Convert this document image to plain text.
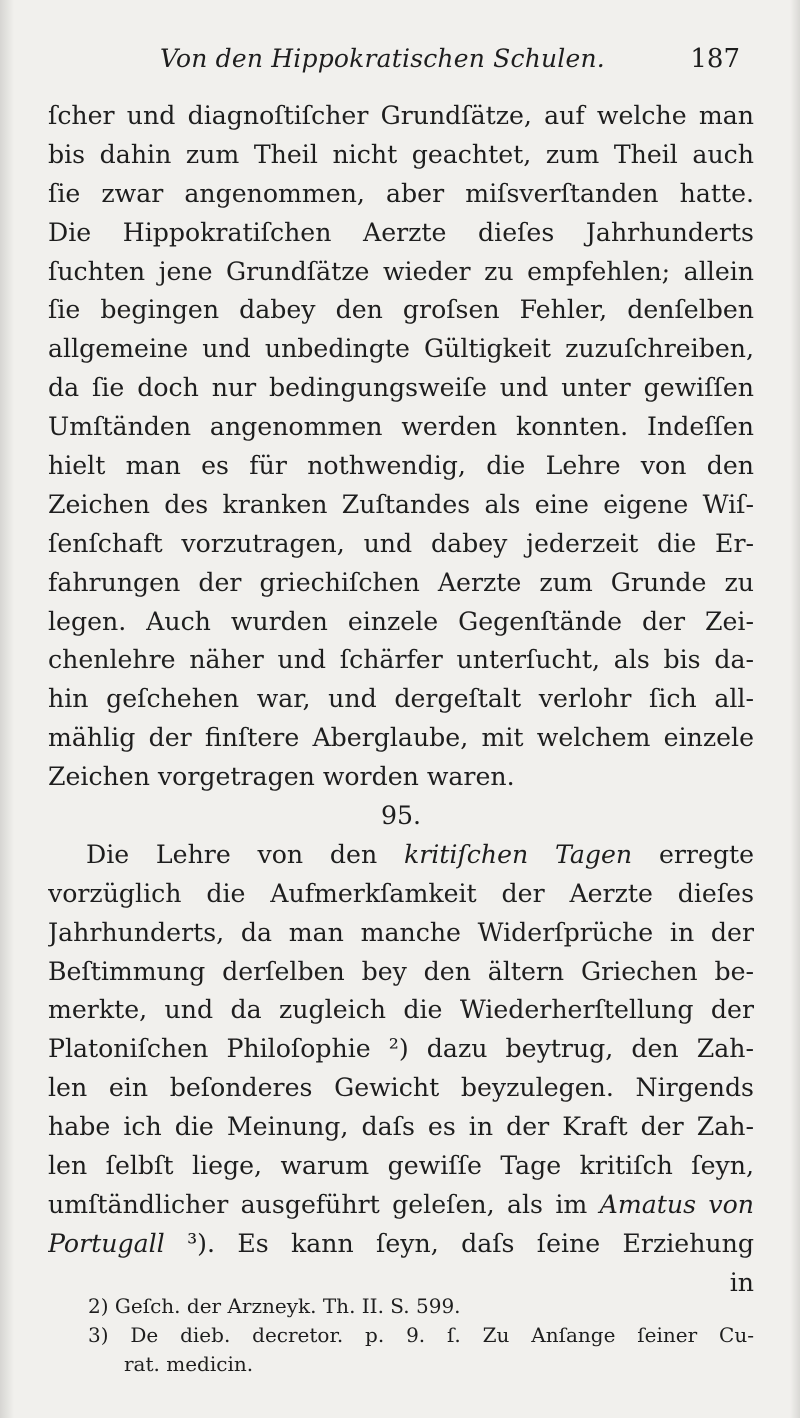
Von den Hippokratischen Schulen.	187
ſcher und diagnoſtiſcher Grundſätze, auf welche man
bis dahin zum Theil nicht geachtet, zum Theil auch
ſie zwar angenommen, aber miſsverſtanden hatte.
Die Hippokratiſchen Aerzte dieſes Jahrhunderts
ſuchten jene Grundſätze wieder zu empfehlen; allein
ſie begingen dabey den groſsen Fehler, denſelben
allgemeine und unbedingte Gültigkeit zuzuſchreiben,
da ſie doch nur bedingungsweiſe und unter gewiſſen
Umſtänden angenommen werden konnten. Indeſſen
hielt man es für nothwendig, die Lehre von den
Zeichen des kranken Zuſtandes als eine eigene Wiſ-
ſenſchaft vorzutragen, und dabey jederzeit die Er-
fahrungen der griechiſchen Aerzte zum Grunde zu
legen. Auch wurden einzele Gegenſtände der Zei-
chenlehre näher und ſchärfer unterſucht, als bis da-
hin geſchehen war, und dergeſtalt verlohr ſich all-
mählig der finſtere Aberglaube, mit welchem einzele
Zeichen vorgetragen worden waren.
95.
Die Lehre von den kritiſchen Tagen erregte
vorzüglich die Aufmerkſamkeit der Aerzte dieſes
Jahrhunderts, da man manche Widerſprüche in der
Beſtimmung derſelben bey den ältern Griechen be-
merkte, und da zugleich die Wiederherſtellung der
Platoniſchen Philoſophie ²) dazu beytrug, den Zah-
len ein beſonderes Gewicht beyzulegen. Nirgends
habe ich die Meinung, daſs es in der Kraft der Zah-
len ſelbſt liege, warum gewiſſe Tage kritiſch ſeyn,
umſtändlicher ausgeführt geleſen, als im Amatus von
Portugall ³). Es kann ſeyn, daſs ſeine Erziehung
in
2) Geſch. der Arzneyk. Th. II. S. 599.
3) De dieb. decretor. p. 9. ſ. Zu Anſange ſeiner Cu-
rat. medicin.
